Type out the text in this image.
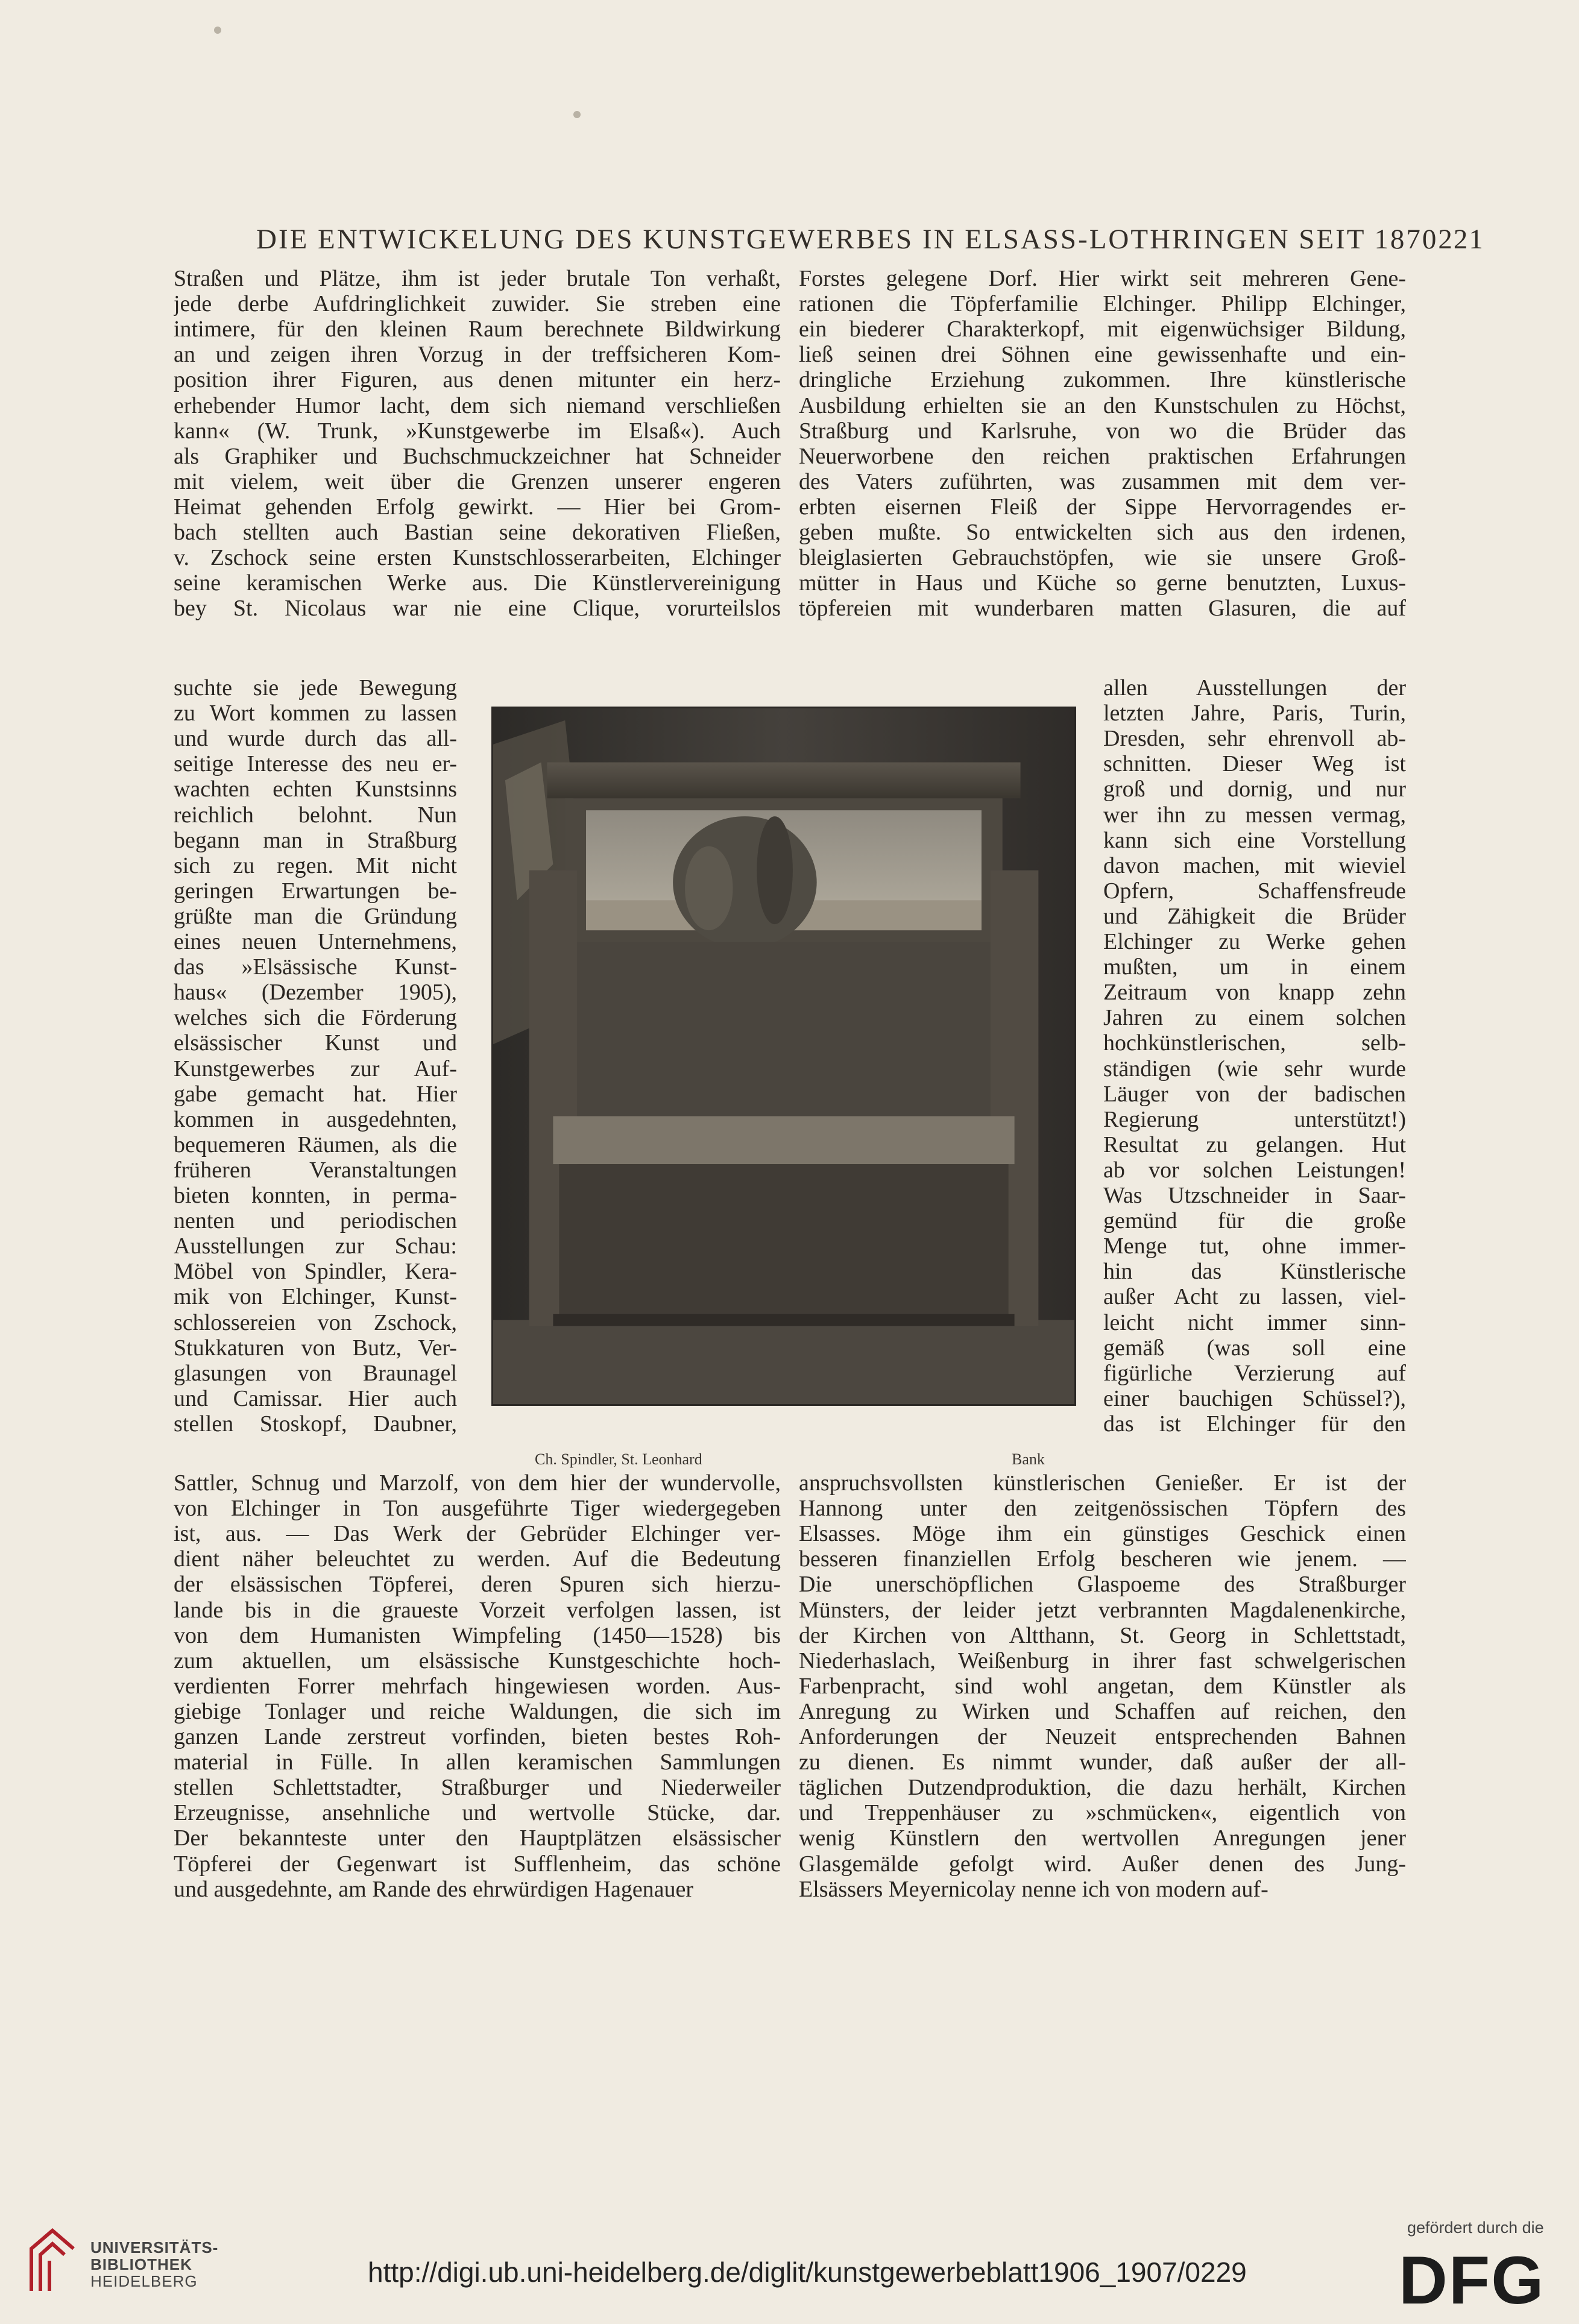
DIE ENTWICKELUNG DES KUNSTGEWERBES IN ELSASS-LOTHRINGEN SEIT 1870 221
Straßen und Plätze, ihm ist jeder brutale Ton verhaßt,
jede derbe Aufdringlichkeit zuwider. Sie streben eine
intimere, für den kleinen Raum berechnete Bildwirkung
an und zeigen ihren Vorzug in der treffsicheren Kom-
position ihrer Figuren, aus denen mitunter ein herz-
erhebender Humor lacht, dem sich niemand verschließen
kann« (W. Trunk, »Kunstgewerbe im Elsaß«). Auch
als Graphiker und Buchschmuckzeichner hat Schneider
mit vielem, weit über die Grenzen unserer engeren
Heimat gehenden Erfolg gewirkt. — Hier bei Grom-
bach stellten auch Bastian seine dekorativen Fließen,
v. Zschock seine ersten Kunstschlosserarbeiten, Elchinger
seine keramischen Werke aus. Die Künstlervereinigung
bey St. Nicolaus war nie eine Clique, vorurteilslos
suchte sie jede Bewegung
zu Wort kommen zu lassen
und wurde durch das all-
seitige Interesse des neu er-
wachten echten Kunstsinns
reichlich belohnt. Nun
begann man in Straßburg
sich zu regen. Mit nicht
geringen Erwartungen be-
grüßte man die Gründung
eines neuen Unternehmens,
das »Elsässische Kunst-
haus« (Dezember 1905),
welches sich die Förderung
elsässischer Kunst und
Kunstgewerbes zur Auf-
gabe gemacht hat. Hier
kommen in ausgedehnten,
bequemeren Räumen, als die
früheren Veranstaltungen
bieten konnten, in perma-
nenten und periodischen
Ausstellungen zur Schau:
Möbel von Spindler, Kera-
mik von Elchinger, Kunst-
schlossereien von Zschock,
Stukkaturen von Butz, Ver-
glasungen von Braunagel
und Camissar. Hier auch
stellen Stoskopf, Daubner,
Sattler, Schnug und Marzolf, von dem hier der wundervolle,
von Elchinger in Ton ausgeführte Tiger wiedergegeben
ist, aus. — Das Werk der Gebrüder Elchinger ver-
dient näher beleuchtet zu werden. Auf die Bedeutung
der elsässischen Töpferei, deren Spuren sich hierzu-
lande bis in die graueste Vorzeit verfolgen lassen, ist
von dem Humanisten Wimpfeling (1450—1528) bis
zum aktuellen, um elsässische Kunstgeschichte hoch-
verdienten Forrer mehrfach hingewiesen worden. Aus-
giebige Tonlager und reiche Waldungen, die sich im
ganzen Lande zerstreut vorfinden, bieten bestes Roh-
material in Fülle. In allen keramischen Sammlungen
stellen Schlettstadter, Straßburger und Niederweiler
Erzeugnisse, ansehnliche und wertvolle Stücke, dar.
Der bekannteste unter den Hauptplätzen elsässischer
Töpferei der Gegenwart ist Sufflenheim, das schöne
und ausgedehnte, am Rande des ehrwürdigen Hagenauer
Forstes gelegene Dorf. Hier wirkt seit mehreren Gene-
rationen die Töpferfamilie Elchinger. Philipp Elchinger,
ein biederer Charakterkopf, mit eigenwüchsiger Bildung,
ließ seinen drei Söhnen eine gewissenhafte und ein-
dringliche Erziehung zukommen. Ihre künstlerische
Ausbildung erhielten sie an den Kunstschulen zu Höchst,
Straßburg und Karlsruhe, von wo die Brüder das
Neuerworbene den reichen praktischen Erfahrungen
des Vaters zuführten, was zusammen mit dem ver-
erbten eisernen Fleiß der Sippe Hervorragendes er-
geben mußte. So entwickelten sich aus den irdenen,
bleiglasierten Gebrauchstöpfen, wie sie unsere Groß-
mütter in Haus und Küche so gerne benutzten, Luxus-
töpfereien mit wunderbaren matten Glasuren, die auf
allen Ausstellungen der
letzten Jahre, Paris, Turin,
Dresden, sehr ehrenvoll ab-
schnitten. Dieser Weg ist
groß und dornig, und nur
wer ihn zu messen vermag,
kann sich eine Vorstellung
davon machen, mit wieviel
Opfern, Schaffensfreude
und Zähigkeit die Brüder
Elchinger zu Werke gehen
mußten, um in einem
Zeitraum von knapp zehn
Jahren zu einem solchen
hochkünstlerischen, selb-
ständigen (wie sehr wurde
Läuger von der badischen
Regierung unterstützt!)
Resultat zu gelangen. Hut
ab vor solchen Leistungen!
Was Utzschneider in Saar-
gemünd für die große
Menge tut, ohne immer-
hin das Künstlerische
außer Acht zu lassen, viel-
leicht nicht immer sinn-
gemäß (was soll eine
figürliche Verzierung auf
einer bauchigen Schüssel?),
das ist Elchinger für den
anspruchsvollsten künstlerischen Genießer. Er ist der
Hannong unter den zeitgenössischen Töpfern des
Elsasses. Möge ihm ein günstiges Geschick einen
besseren finanziellen Erfolg bescheren wie jenem. —
Die unerschöpflichen Glaspoeme des Straßburger
Münsters, der leider jetzt verbrannten Magdalenenkirche,
der Kirchen von Altthann, St. Georg in Schlettstadt,
Niederhaslach, Weißenburg in ihrer fast schwelgerischen
Farbenpracht, sind wohl angetan, dem Künstler als
Anregung zu Wirken und Schaffen auf reichen, den
Anforderungen der Neuzeit entsprechenden Bahnen
zu dienen. Es nimmt wunder, daß außer der all-
täglichen Dutzendproduktion, die dazu herhält, Kirchen
und Treppenhäuser zu »schmücken«, eigentlich von
wenig Künstlern den wertvollen Anregungen jener
Glasgemälde gefolgt wird. Außer denen des Jung-
Elsässers Meyernicolay nenne ich von modern auf-
Ch. Spindler, St. Leonhard	Bank
UNIVERSITÄTS-
BIBLIOTHEK
HEIDELBERG	http://digi.ub.uni-heidelberg.de/diglit/kunstgewerbeblatt1906_1907/0229
gefördert durch die
DFG
